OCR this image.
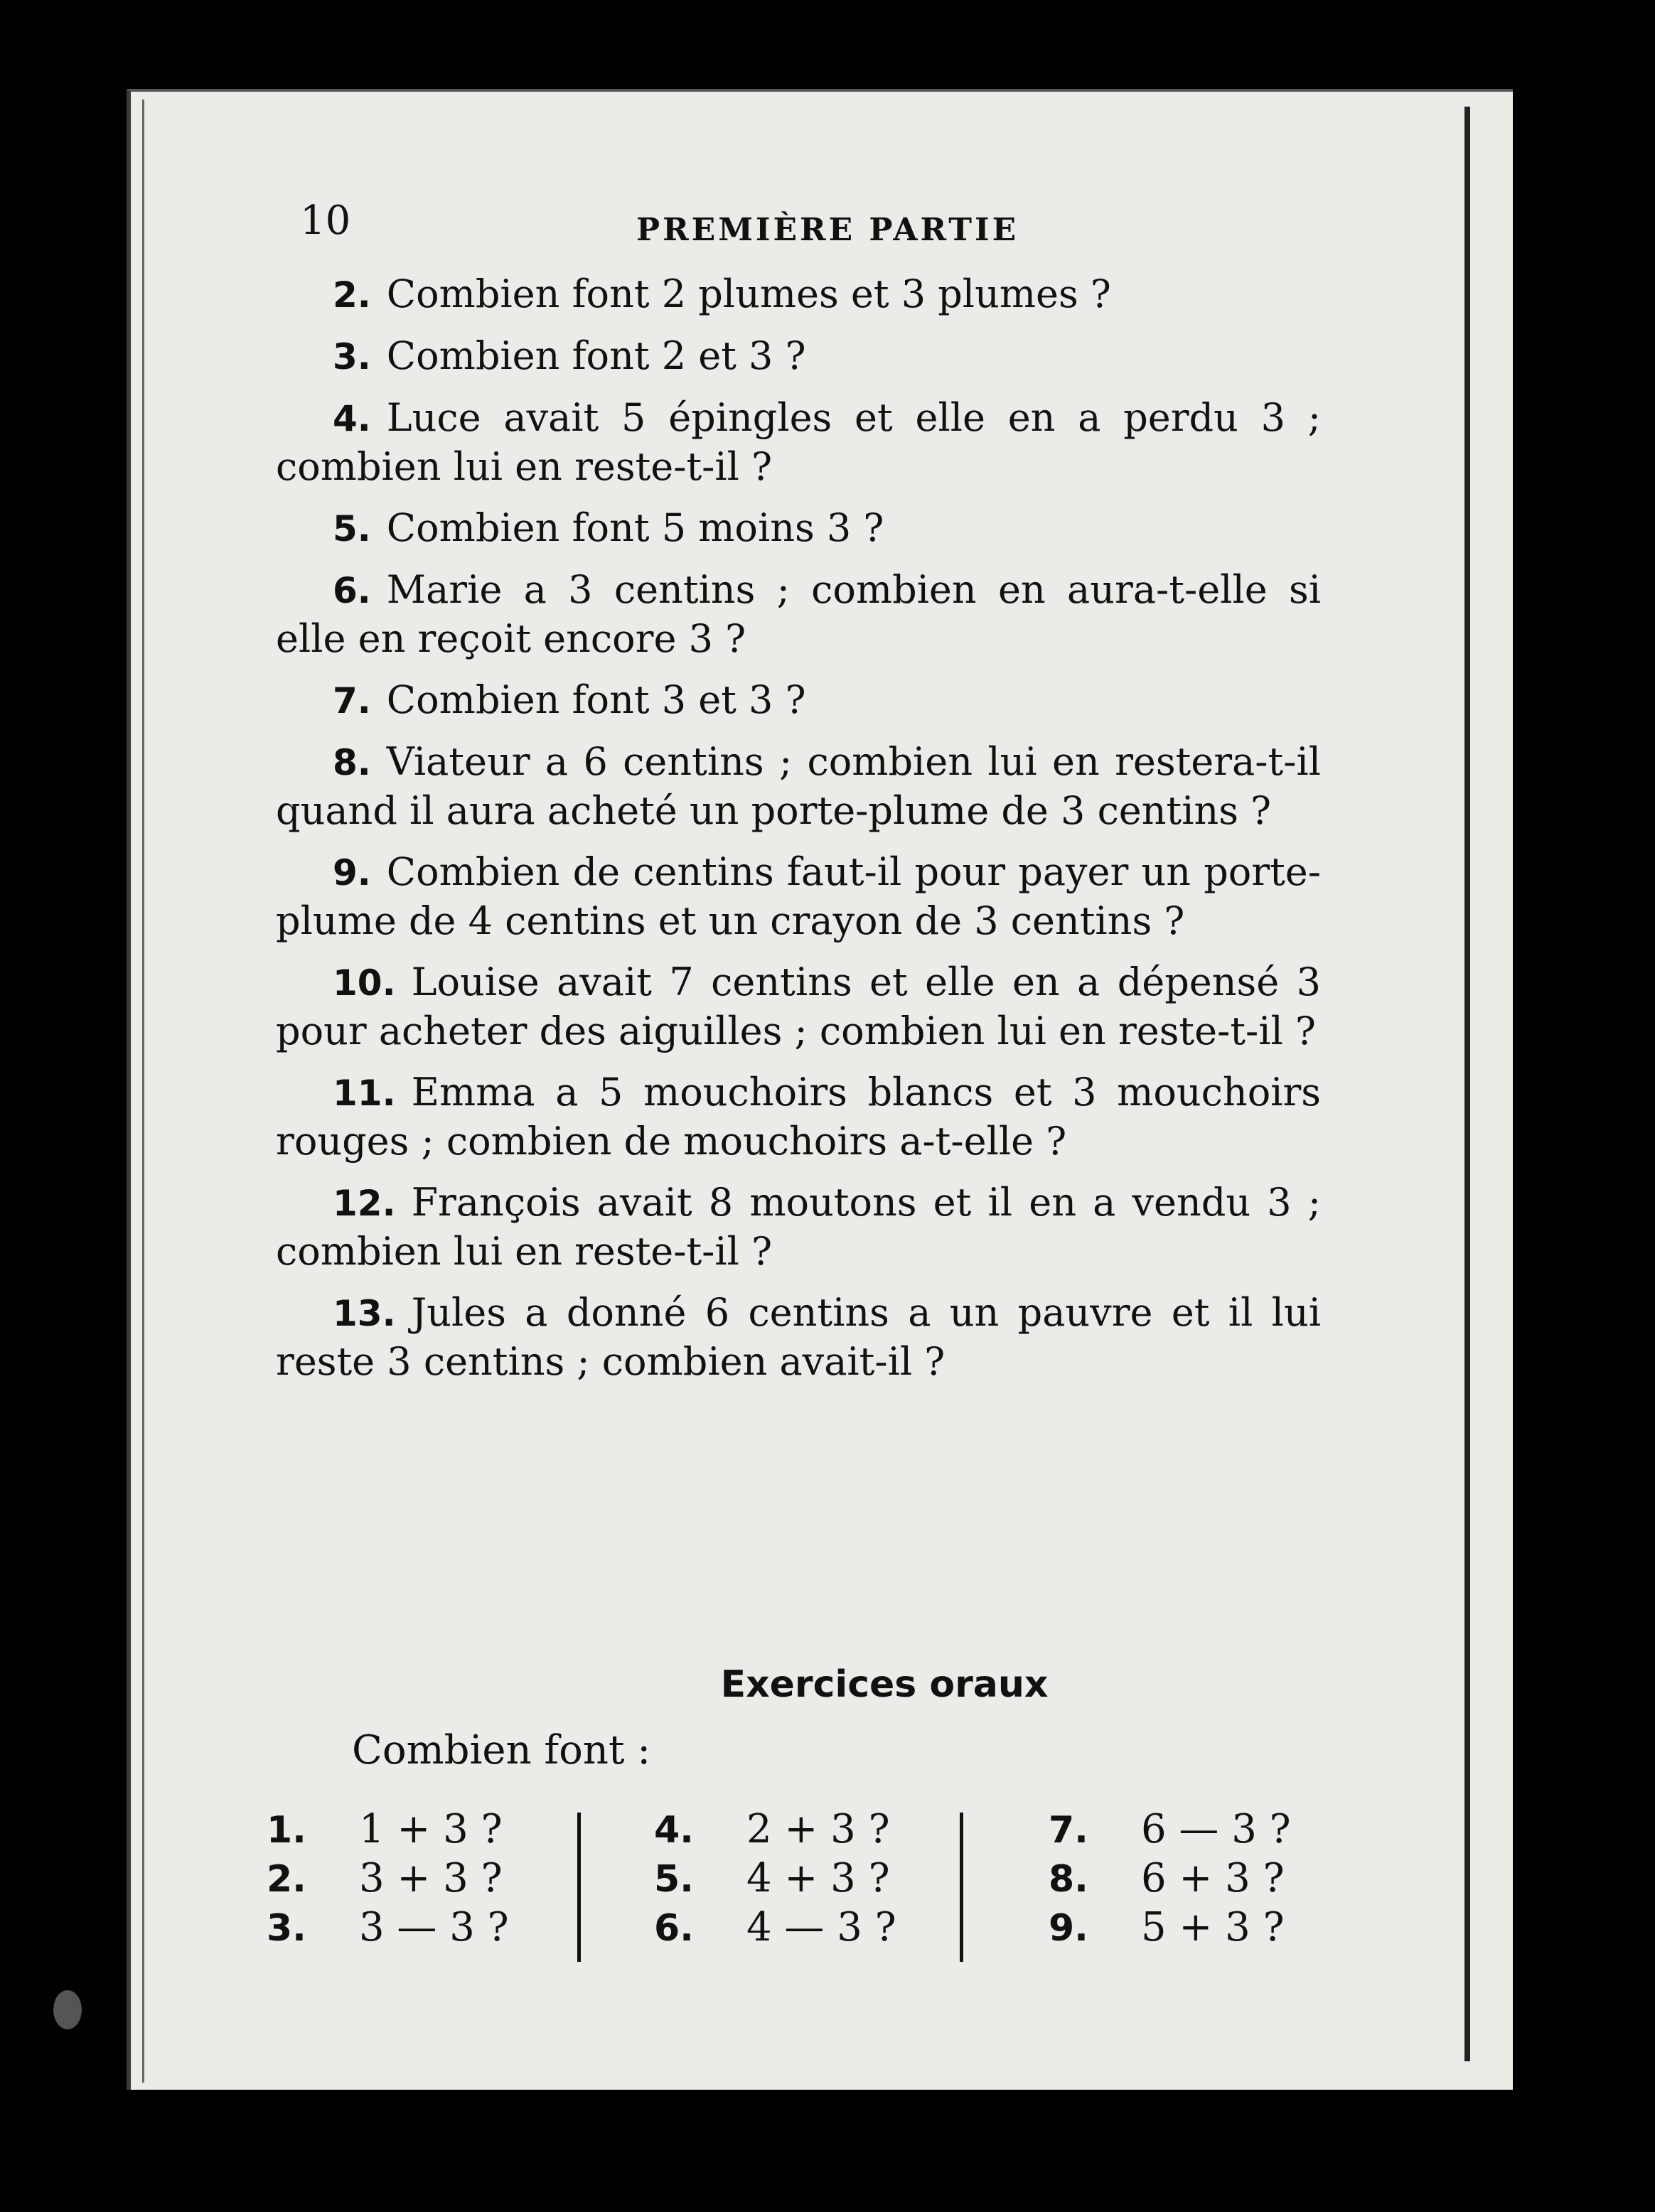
10	PREMIÈRE PARTIE

2. Combien font 2 plumes et 3 plumes ?

3. Combien font 2 et 3 ?

4. Luce avait 5 épingles et elle en a perdu 3 ; combien lui en reste-t-il ?

5. Combien font 5 moins 3 ?

6. Marie a 3 centins ; combien en aura-t-elle si elle en reçoit encore 3 ?

7. Combien font 3 et 3 ?

8. Viateur a 6 centins ; combien lui en restera-t-il quand il aura acheté un porte-plume de 3 centins ?

9. Combien de centins faut-il pour payer un porte-plume de 4 centins et un crayon de 3 centins ?

10. Louise avait 7 centins et elle en a dépensé 3 pour acheter des aiguilles ; combien lui en reste-t-il ?

11. Emma a 5 mouchoirs blancs et 3 mouchoirs rouges ; combien de mouchoirs a-t-elle ?

12. François avait 8 moutons et il en a vendu 3 ; combien lui en reste-t-il ?

13. Jules a donné 6 centins a un pauvre et il lui reste 3 centins ; combien avait-il ?

Exercices oraux
Combien font :
1. 1 + 3 ?
2. 3 + 3 ?
3. 3 — 3 ?
4. 2 + 3 ?
5. 4 + 3 ?
6. 4 — 3 ?
7. 6 — 3 ?
8. 6 + 3 ?
9. 5 + 3 ?
